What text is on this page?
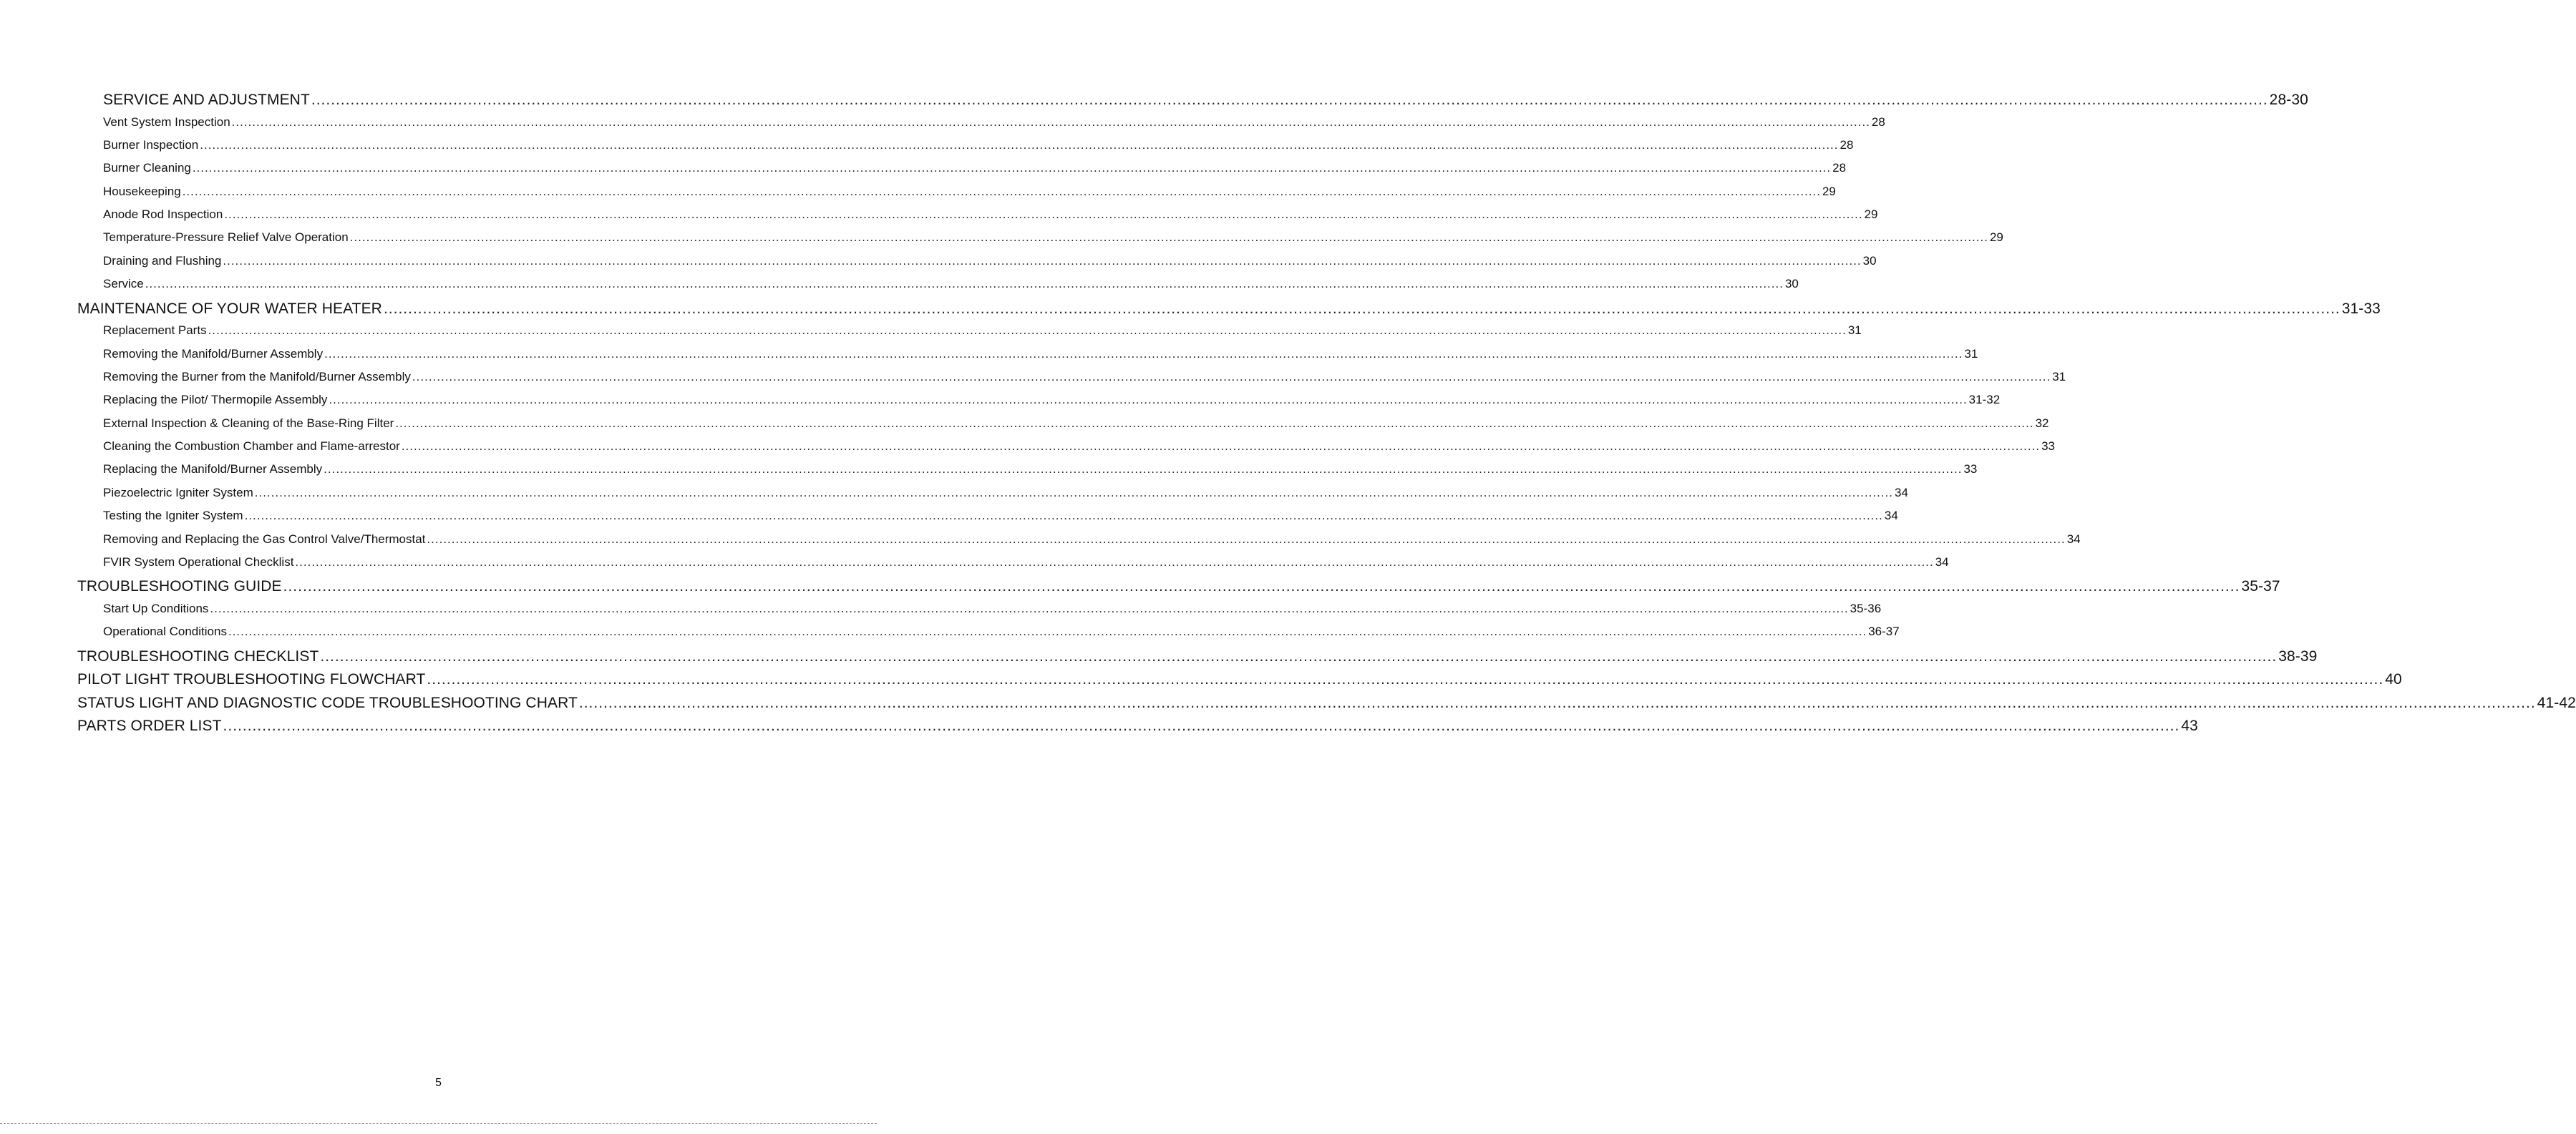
SERVICE AND ADJUSTMENT ................................................................................................................................................................................................................................................................................................................................................................................................................ 28-30
Vent System Inspection ................................................................................................................................................................................................................................................................................................................................................................................................................ 28
Burner Inspection ................................................................................................................................................................................................................................................................................................................................................................................................................ 28
Burner Cleaning ................................................................................................................................................................................................................................................................................................................................................................................................................ 28
Housekeeping ................................................................................................................................................................................................................................................................................................................................................................................................................ 29
Anode Rod Inspection ................................................................................................................................................................................................................................................................................................................................................................................................................ 29
Temperature-Pressure Relief Valve Operation ................................................................................................................................................................................................................................................................................................................................................................................................................ 29
Draining and Flushing ................................................................................................................................................................................................................................................................................................................................................................................................................ 30
Service ................................................................................................................................................................................................................................................................................................................................................................................................................ 30
MAINTENANCE OF YOUR WATER HEATER ................................................................................................................................................................................................................................................................................................................................................................................................................ 31-33
Replacement Parts ................................................................................................................................................................................................................................................................................................................................................................................................................ 31
Removing the Manifold/Burner Assembly ................................................................................................................................................................................................................................................................................................................................................................................................................ 31
Removing the Burner from the Manifold/Burner Assembly ................................................................................................................................................................................................................................................................................................................................................................................................................ 31
Replacing the Pilot/ Thermopile Assembly ................................................................................................................................................................................................................................................................................................................................................................................................................ 31-32
External Inspection & Cleaning of the Base-Ring Filter ................................................................................................................................................................................................................................................................................................................................................................................................................ 32
Cleaning the Combustion Chamber and Flame-arrestor ................................................................................................................................................................................................................................................................................................................................................................................................................ 33
Replacing the Manifold/Burner Assembly ................................................................................................................................................................................................................................................................................................................................................................................................................ 33
Piezoelectric Igniter System ................................................................................................................................................................................................................................................................................................................................................................................................................ 34
Testing the Igniter System ................................................................................................................................................................................................................................................................................................................................................................................................................ 34
Removing and Replacing the Gas Control Valve/Thermostat ................................................................................................................................................................................................................................................................................................................................................................................................................ 34
FVIR System Operational Checklist ................................................................................................................................................................................................................................................................................................................................................................................................................ 34
TROUBLESHOOTING GUIDE ................................................................................................................................................................................................................................................................................................................................................................................................................ 35-37
Start Up Conditions ................................................................................................................................................................................................................................................................................................................................................................................................................ 35-36
Operational Conditions ................................................................................................................................................................................................................................................................................................................................................................................................................ 36-37
TROUBLESHOOTING CHECKLIST ................................................................................................................................................................................................................................................................................................................................................................................................................ 38-39
PILOT LIGHT TROUBLESHOOTING FLOWCHART ................................................................................................................................................................................................................................................................................................................................................................................................................ 40
STATUS LIGHT AND DIAGNOSTIC CODE TROUBLESHOOTING CHART ................................................................................................................................................................................................................................................................................................................................................................................................................ 41-42
PARTS ORDER LIST ................................................................................................................................................................................................................................................................................................................................................................................................................ 43
5
